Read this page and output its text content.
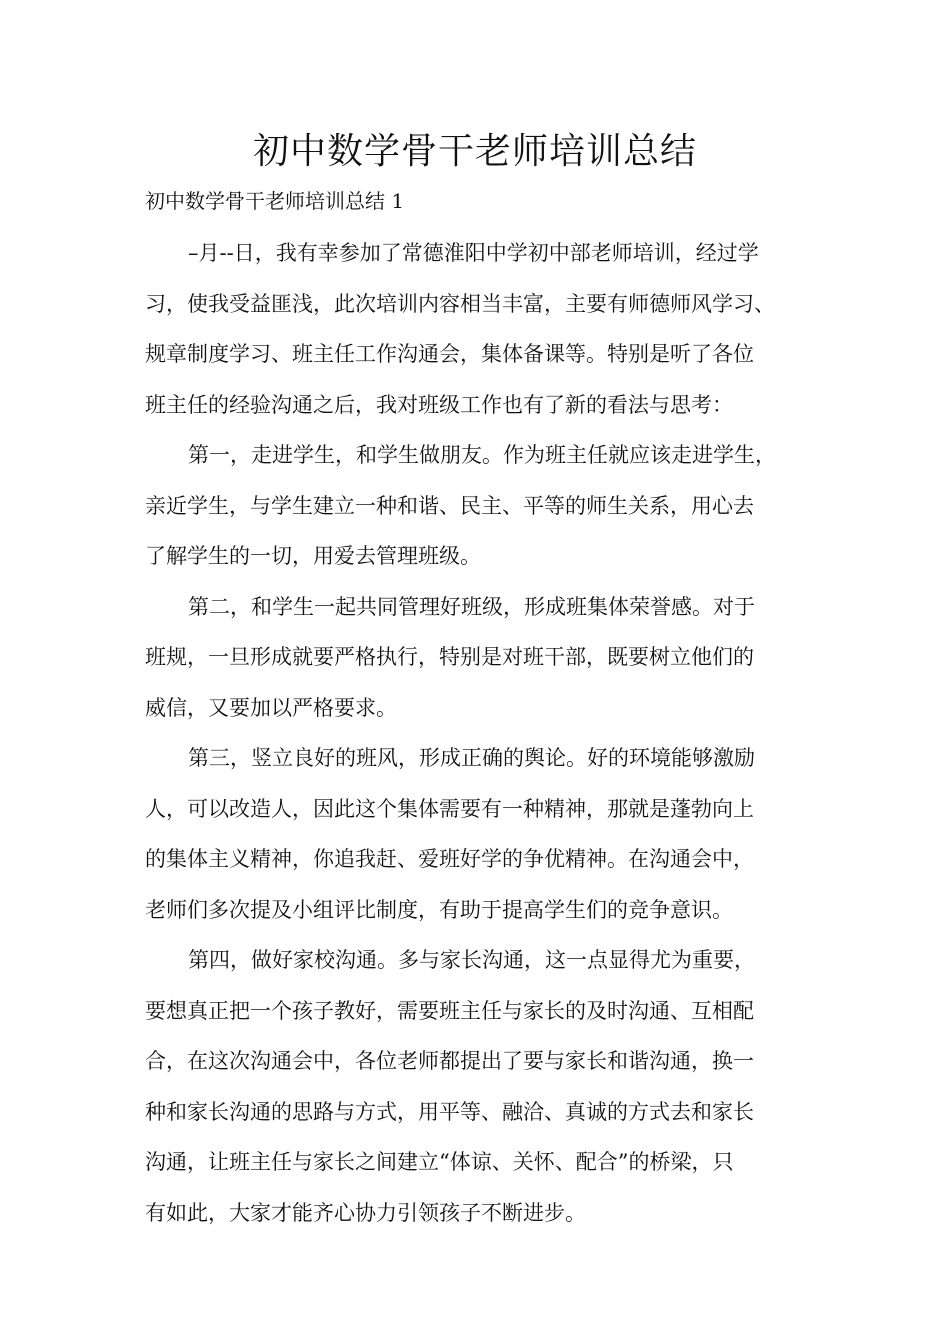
初中数学骨干老师培训总结

初中数学骨干老师培训总结 1

–月--日，我有幸参加了常德淮阳中学初中部老师培训，经过学
习，使我受益匪浅，此次培训内容相当丰富，主要有师德师风学习、
规章制度学习、班主任工作沟通会，集体备课等。特别是听了各位
班主任的经验沟通之后，我对班级工作也有了新的看法与思考：
第一，走进学生，和学生做朋友。作为班主任就应该走进学生，
亲近学生，与学生建立一种和谐、民主、平等的师生关系，用心去
了解学生的一切，用爱去管理班级。
第二，和学生一起共同管理好班级，形成班集体荣誉感。对于
班规，一旦形成就要严格执行，特别是对班干部，既要树立他们的
威信，又要加以严格要求。
第三，竖立良好的班风，形成正确的舆论。好的环境能够激励
人，可以改造人，因此这个集体需要有一种精神，那就是蓬勃向上
的集体主义精神，你追我赶、爱班好学的争优精神。在沟通会中，
老师们多次提及小组评比制度，有助于提高学生们的竞争意识。
第四，做好家校沟通。多与家长沟通，这一点显得尤为重要，
要想真正把一个孩子教好，需要班主任与家长的及时沟通、互相配
合，在这次沟通会中，各位老师都提出了要与家长和谐沟通，换一
种和家长沟通的思路与方式，用平等、融洽、真诚的方式去和家长
沟通，让班主任与家长之间建立“体谅、关怀、配合”的桥梁，只
有如此，大家才能齐心协力引领孩子不断进步。
